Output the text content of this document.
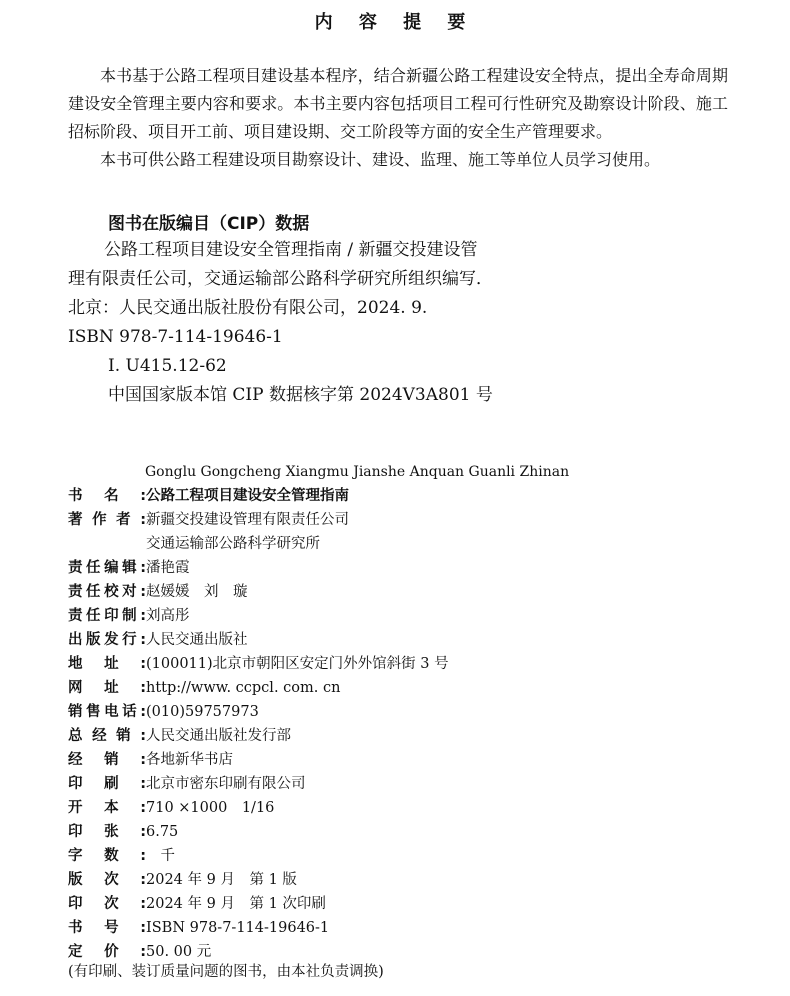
内 容 提 要

本书基于公路工程项目建设基本程序，结合新疆公路工程建设安全特点，提出全寿命周期建设安全管理主要内容和要求。本书主要内容包括项目工程可行性研究及勘察设计阶段、施工招标阶段、项目开工前、项目建设期、交工阶段等方面的安全生产管理要求。

本书可供公路工程建设项目勘察设计、建设、监理、施工等单位人员学习使用。

图书在版编目（CIP）数据
公路工程项目建设安全管理指南 / 新疆交投建设管
理有限责任公司，交通运输部公路科学研究所组织编写．
北京：人民交通出版社股份有限公司，2024. 9.
ISBN 978-7-114-19646-1
Ⅰ. U415.12-62
中国国家版本馆 CIP 数据核字第 2024V3A801 号
Gonglu Gongcheng Xiangmu Jianshe Anquan Guanli Zhinan
书 名 : 公路工程项目建设安全管理指南
著 作 者 : 新疆交投建设管理有限责任公司
交通运输部公路科学研究所
责 任 编 辑 : 潘艳霞
责 任 校 对 : 赵媛媛　刘　璇
责 任 印 制 : 刘高彤
出 版 发 行 : 人民交通出版社
地 址 : (100011)北京市朝阳区安定门外外馆斜街 3 号
网 址 : http://www. ccpcl. com. cn
销 售 电 话 : (010)59757973
总 经 销 : 人民交通出版社发行部
经 销 : 各地新华书店
印 刷 : 北京市密东印刷有限公司
开 本 : 710 ×1000　1/16
印 张 : 6.75
字 数 : 　千
版 次 : 2024 年 9 月　第 1 版
印 次 : 2024 年 9 月　第 1 次印刷
书 号 : ISBN 978-7-114-19646-1
定 价 : 50. 00 元
(有印刷、装订质量问题的图书，由本社负责调换)
